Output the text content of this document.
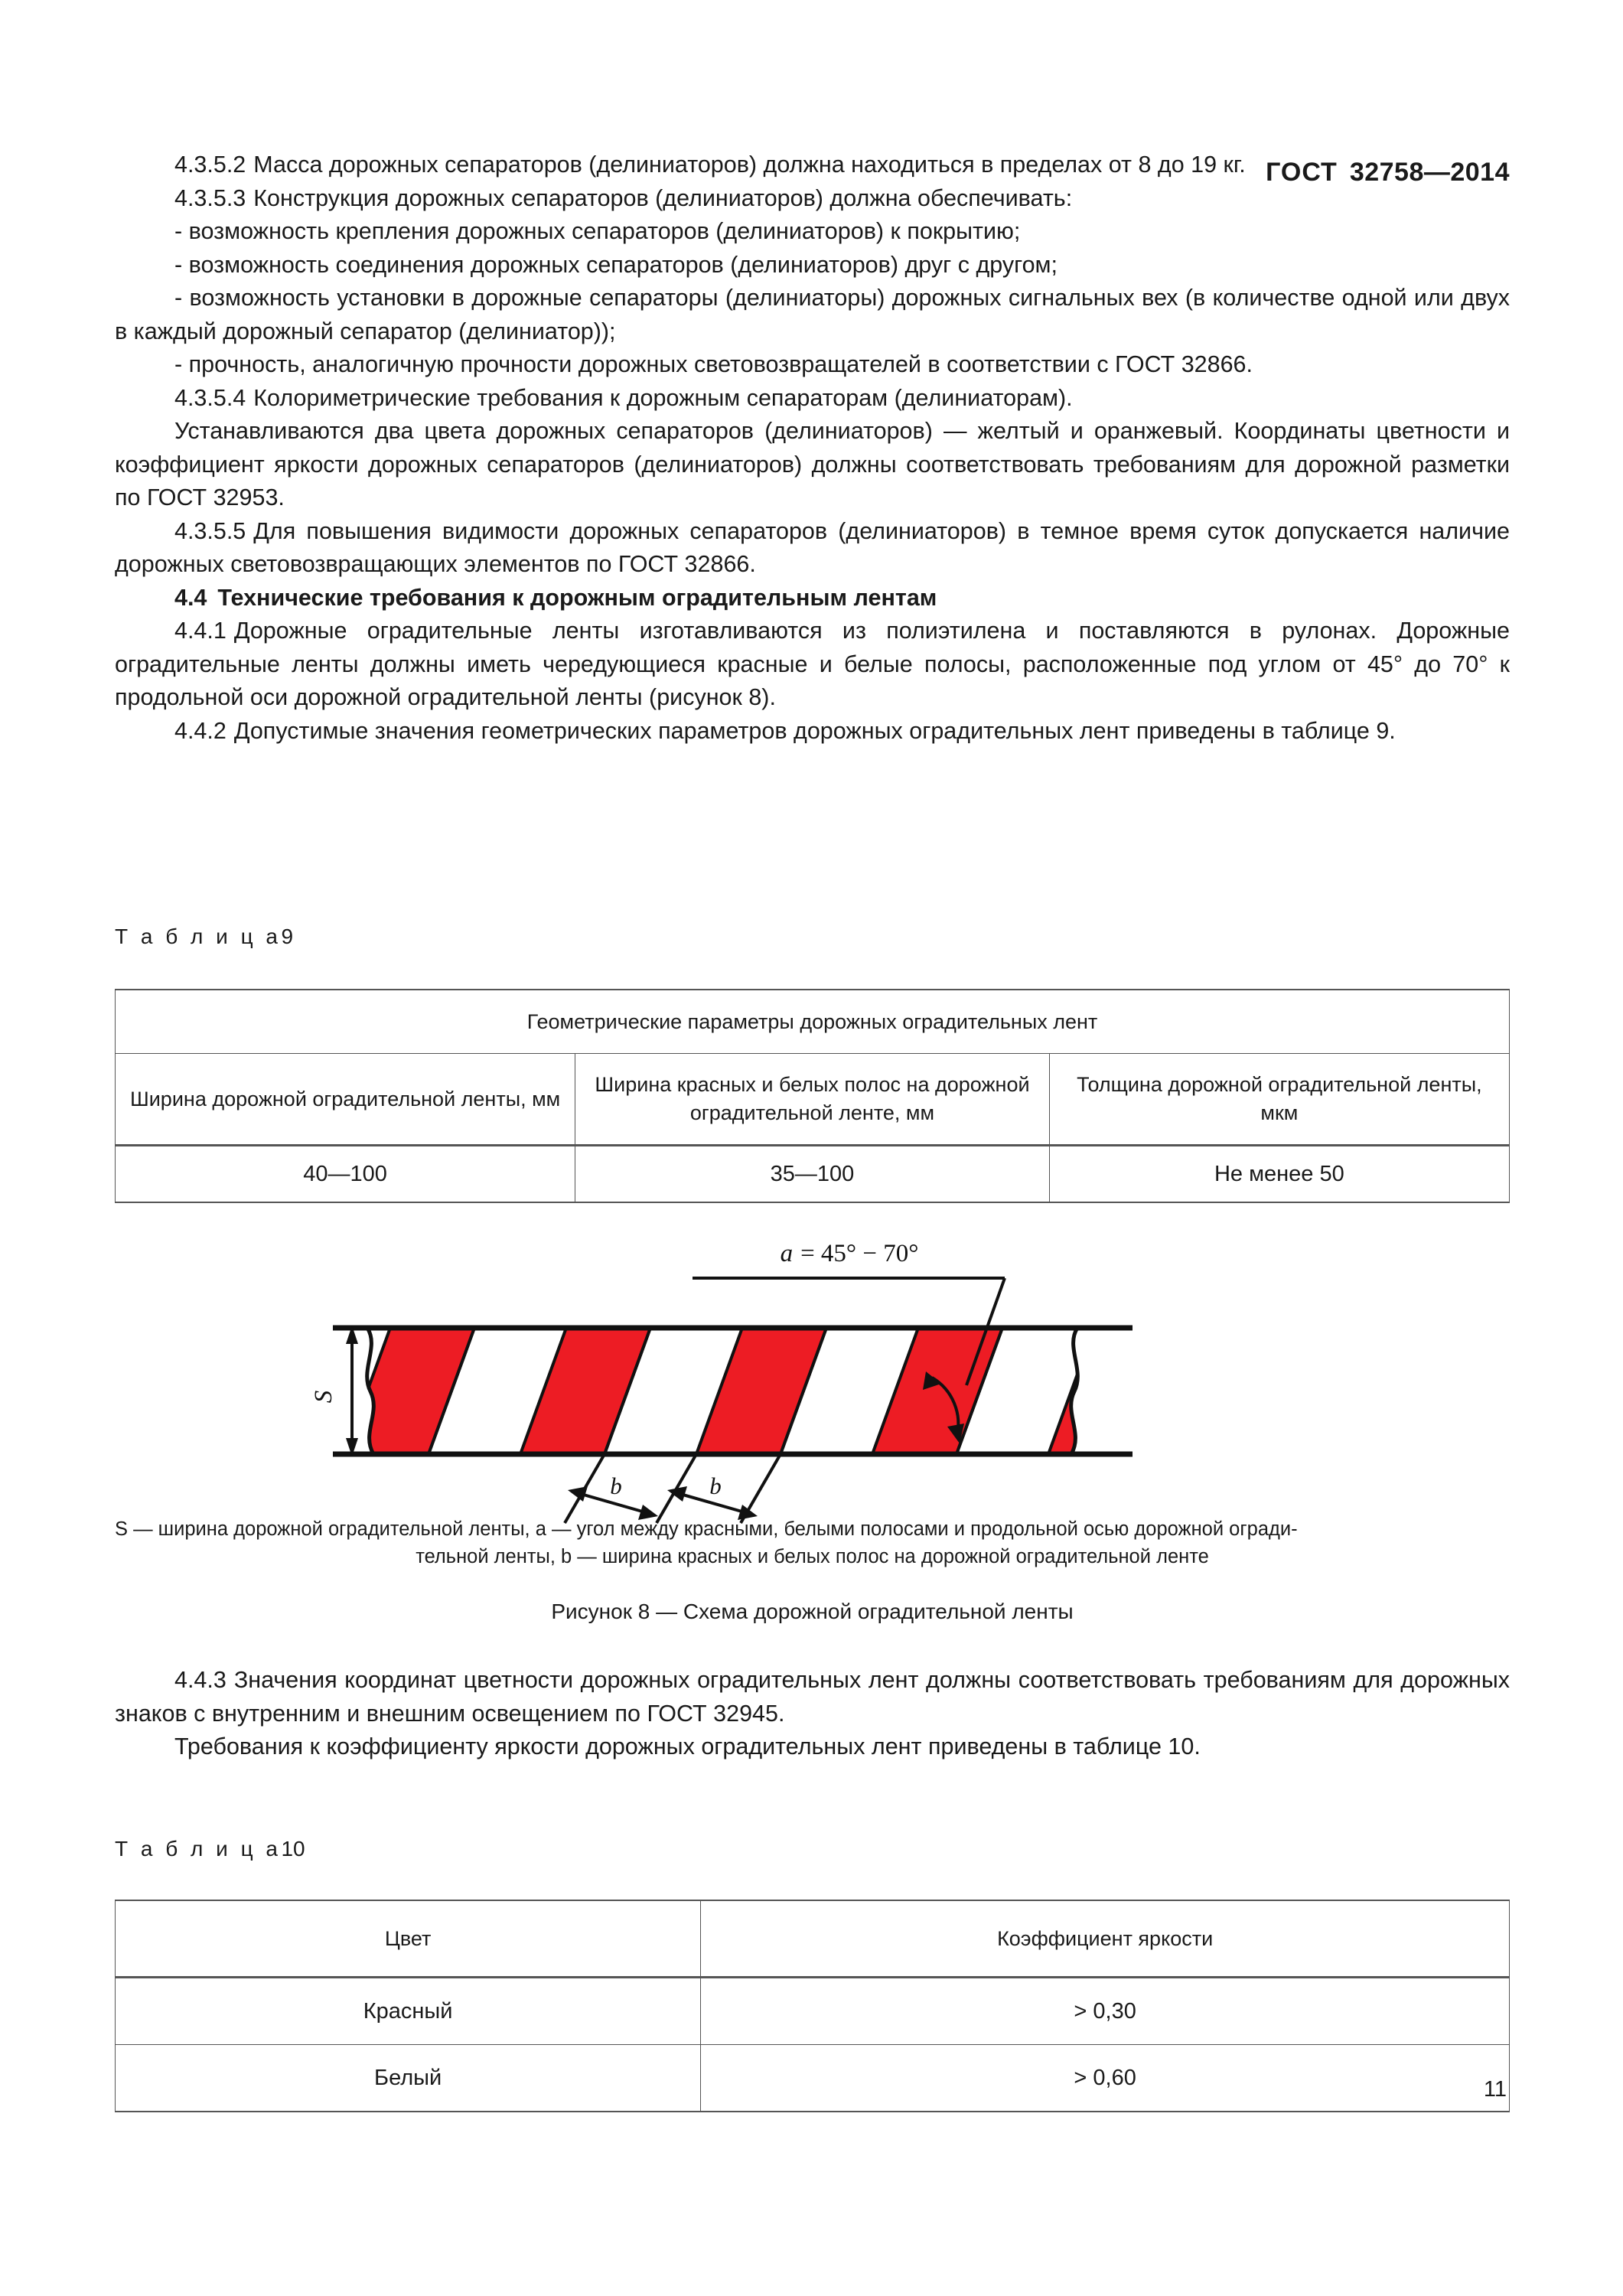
ГОСТ 32758—2014

4.3.5.2 Масса дорожных сепараторов (делиниаторов) должна находиться в пределах от 8 до 19 кг.

4.3.5.3 Конструкция дорожных сепараторов (делиниаторов) должна обеспечивать:

- возможность крепления дорожных сепараторов (делиниаторов) к покрытию;

- возможность соединения дорожных сепараторов (делиниаторов) друг с другом;

- возможность установки в дорожные сепараторы (делиниаторы) дорожных сигнальных вех (в количестве одной или двух в каждый дорожный сепаратор (делиниатор));

- прочность, аналогичную прочности дорожных световозвращателей в соответствии с ГОСТ 32866.

4.3.5.4 Колориметрические требования к дорожным сепараторам (делиниаторам).

Устанавливаются два цвета дорожных сепараторов (делиниаторов) — желтый и оранжевый. Координаты цветности и коэффициент яркости дорожных сепараторов (делиниаторов) должны соответствовать требованиям для дорожной разметки по ГОСТ 32953.

4.3.5.5 Для повышения видимости дорожных сепараторов (делиниаторов) в темное время суток допускается наличие дорожных световозвращающих элементов по ГОСТ 32866.

4.4 Технические требования к дорожным оградительным лентам

4.4.1 Дорожные оградительные ленты изготавливаются из полиэтилена и поставляются в рулонах. Дорожные оградительные ленты должны иметь чередующиеся красные и белые полосы, расположенные под углом от 45° до 70° к продольной оси дорожной оградительной ленты (рисунок 8).

4.4.2 Допустимые значения геометрических параметров дорожных оградительных лент приведены в таблице 9.

Т а б л и ц а9
Геометрические параметры дорожных оградительных лент		
Ширина дорожной оградительной ленты, мм	Ширина красных и белых полос на дорожной оградительной ленте, мм	Толщина дорожной оградительной ленты, мкм
40—100	35—100	Не менее 50
S
b	b
a = 45° − 70°
S — ширина дорожной оградительной ленты, a — угол между красными, белыми полосами и продольной осью дорожной огради-
тельной ленты, b — ширина красных и белых полос на дорожной оградительной ленте
Рисунок 8 — Схема дорожной оградительной ленты

4.4.3 Значения координат цветности дорожных оградительных лент должны соответствовать требованиям для дорожных знаков с внутренним и внешним освещением по ГОСТ 32945.

Требования к коэффициенту яркости дорожных оградительных лент приведены в таблице 10.

Т а б л и ц а10
Цвет	Коэффициент яркости
Красный	> 0,30
Белый	> 0,60	11
